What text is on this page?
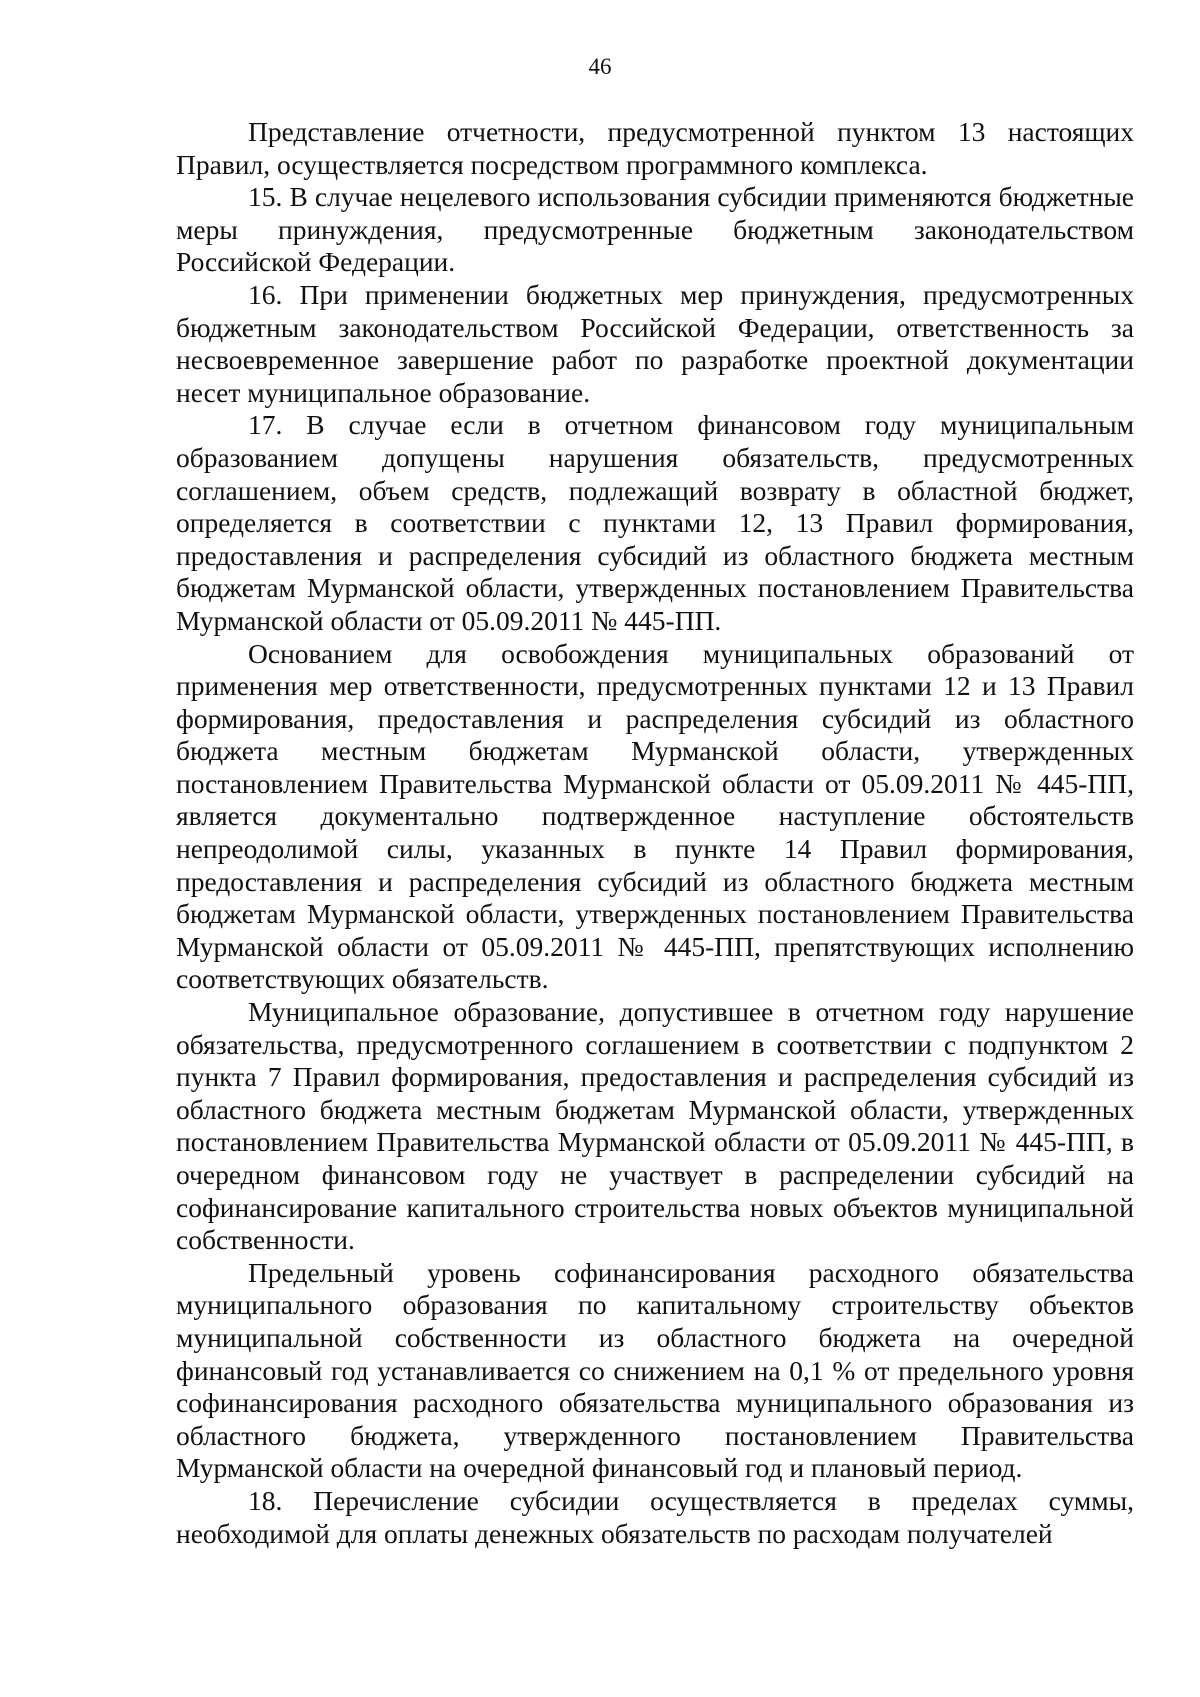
46

Представление отчетности, предусмотренной пунктом 13 настоящих Правил, осуществляется посредством программного комплекса.

15. В случае нецелевого использования субсидии применяются бюджетные меры принуждения, предусмотренные бюджетным законодательством Российской Федерации.

16. При применении бюджетных мер принуждения, предусмотренных бюджетным законодательством Российской Федерации, ответственность за несвоевременное завершение работ по разработке проектной документации несет муниципальное образование.

17. В случае если в отчетном финансовом году муниципальным образованием допущены нарушения обязательств, предусмотренных соглашением, объем средств, подлежащий возврату в областной бюджет, определяется в соответствии с пунктами 12, 13 Правил формирования, предоставления и распределения субсидий из областного бюджета местным бюджетам Мурманской области, утвержденных постановлением Правительства Мурманской области от 05.09.2011 № 445-ПП.

Основанием для освобождения муниципальных образований от применения мер ответственности, предусмотренных пунктами 12 и 13 Правил формирования, предоставления и распределения субсидий из областного бюджета местным бюджетам Мурманской области, утвержденных постановлением Правительства Мурманской области от 05.09.2011 № 445-ПП, является документально подтвержденное наступление обстоятельств непреодолимой силы, указанных в пункте 14 Правил формирования, предоставления и распределения субсидий из областного бюджета местным бюджетам Мурманской области, утвержденных постановлением Правительства Мурманской области от 05.09.2011 № 445-ПП, препятствующих исполнению соответствующих обязательств.

Муниципальное образование, допустившее в отчетном году нарушение обязательства, предусмотренного соглашением в соответствии с подпунктом 2 пункта 7 Правил формирования, предоставления и распределения субсидий из областного бюджета местным бюджетам Мурманской области, утвержденных постановлением Правительства Мурманской области от 05.09.2011 № 445-ПП, в очередном финансовом году не участвует в распределении субсидий на софинансирование капитального строительства новых объектов муниципальной собственности.

Предельный уровень софинансирования расходного обязательства муниципального образования по капитальному строительству объектов муниципальной собственности из областного бюджета на очередной финансовый год устанавливается со снижением на 0,1 % от предельного уровня софинансирования расходного обязательства муниципального образования из областного бюджета, утвержденного постановлением Правительства Мурманской области на очередной финансовый год и плановый период.

18. Перечисление субсидии осуществляется в пределах суммы, необходимой для оплаты денежных обязательств по расходам получателей
